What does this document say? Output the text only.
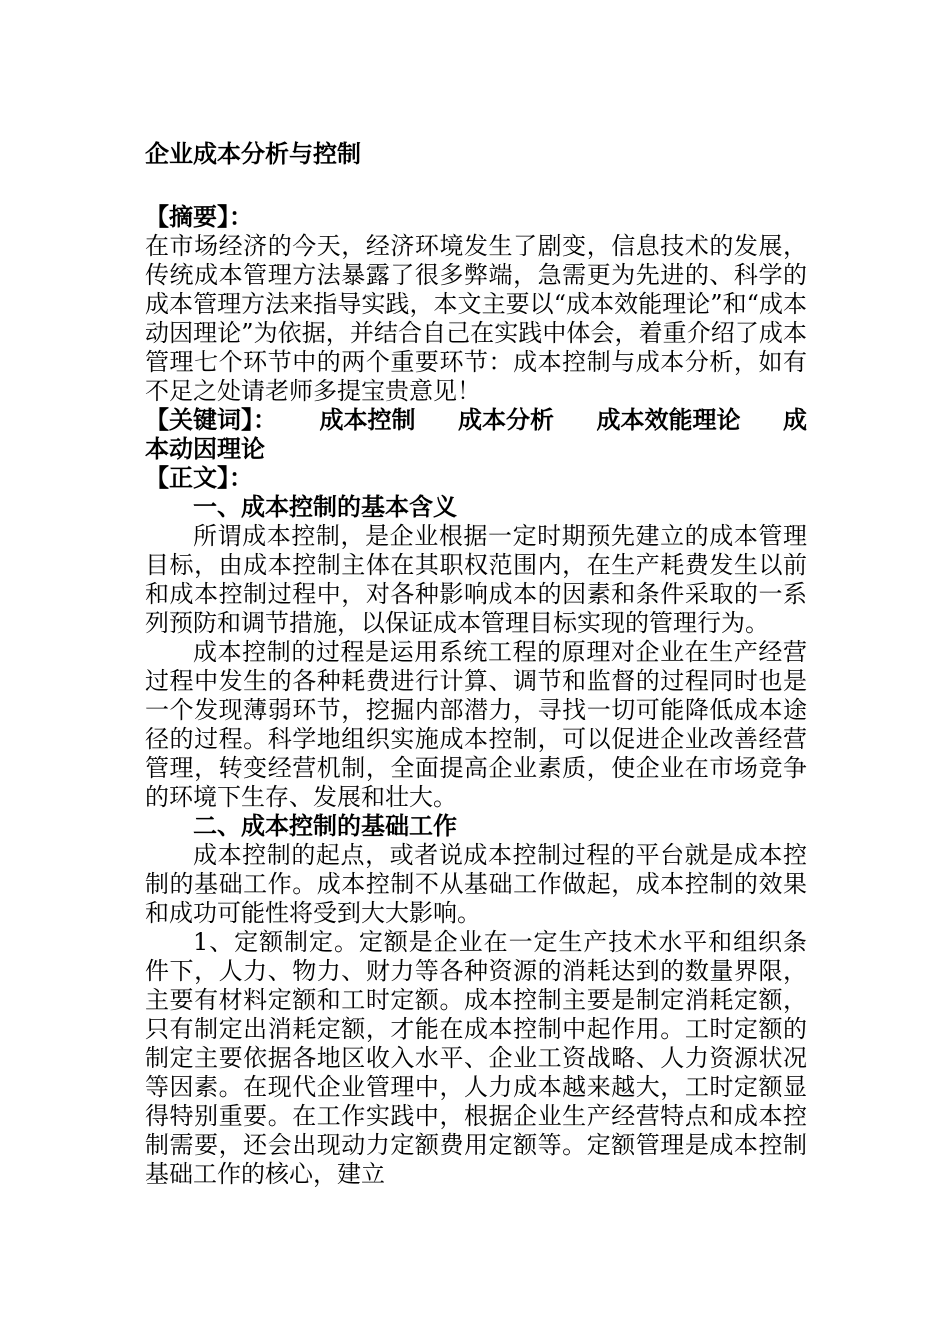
企业成本分析与控制

【摘要】：

在市场经济的今天，经济环境发生了剧变，信息技术的发展，传统成本管理方法暴露了很多弊端，急需更为先进的、科学的成本管理方法来指导实践，本文主要以“成本效能理论”和“成本动因理论”为依据，并结合自己在实践中体会，着重介绍了成本管理七个环节中的两个重要环节：成本控制与成本分析，如有不足之处请老师多提宝贵意见！

【关键词】： 成本控制 成本分析 成本效能理论 成

本动因理论

【正文】：

一、成本控制的基本含义

所谓成本控制，是企业根据一定时期预先建立的成本管理目标，由成本控制主体在其职权范围内，在生产耗费发生以前和成本控制过程中，对各种影响成本的因素和条件采取的一系列预防和调节措施，以保证成本管理目标实现的管理行为。

成本控制的过程是运用系统工程的原理对企业在生产经营过程中发生的各种耗费进行计算、调节和监督的过程同时也是一个发现薄弱环节，挖掘内部潜力，寻找一切可能降低成本途径的过程。科学地组织实施成本控制，可以促进企业改善经营管理，转变经营机制，全面提高企业素质，使企业在市场竞争的环境下生存、发展和壮大。

二、成本控制的基础工作

成本控制的起点，或者说成本控制过程的平台就是成本控制的基础工作。成本控制不从基础工作做起，成本控制的效果和成功可能性将受到大大影响。

1、定额制定。定额是企业在一定生产技术水平和组织条件下，人力、物力、财力等各种资源的消耗达到的数量界限，主要有材料定额和工时定额。成本控制主要是制定消耗定额，只有制定出消耗定额，才能在成本控制中起作用。工时定额的制定主要依据各地区收入水平、企业工资战略、人力资源状况等因素。在现代企业管理中，人力成本越来越大，工时定额显得特别重要。在工作实践中，根据企业生产经营特点和成本控制需要，还会出现动力定额费用定额等。定额管理是成本控制基础工作的核心，建立
